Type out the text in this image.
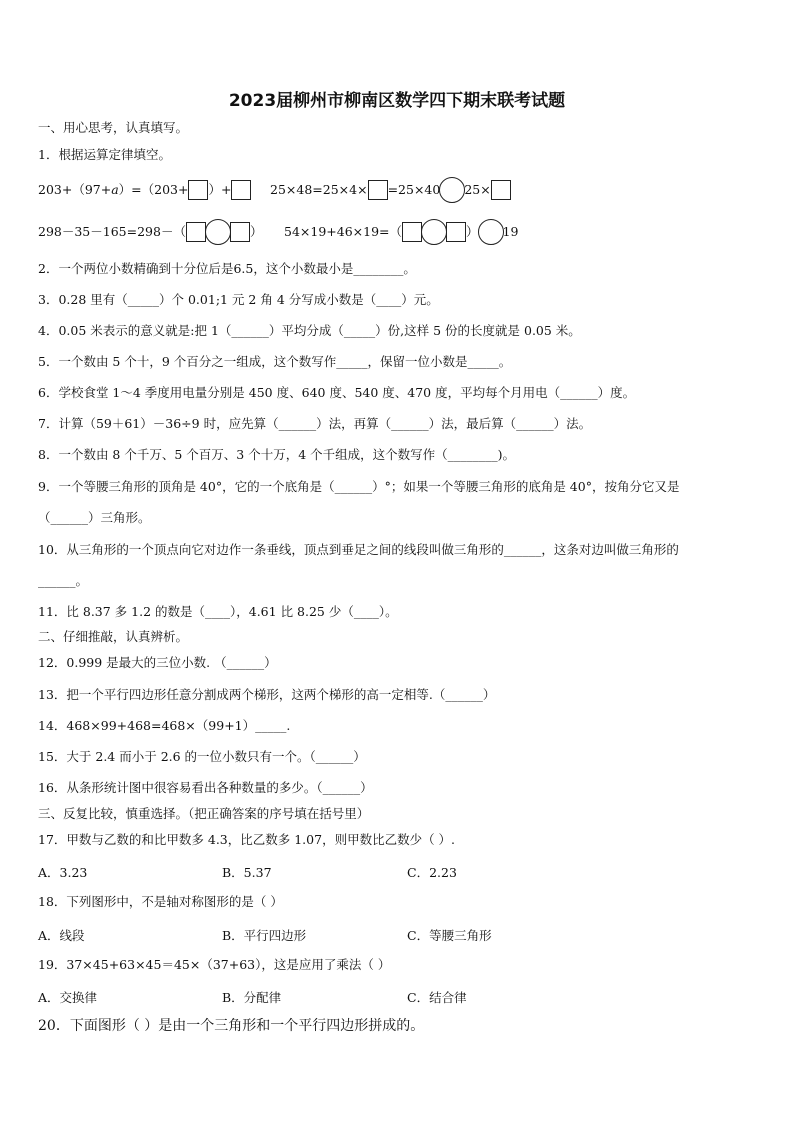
2023届柳州市柳南区数学四下期末联考试题
一、用心思考，认真填写。
1．根据运算定律填空。
203+（97+ a ）=（203+ ）+	25×48=25×4× =25×40 25×
298－35－165=298－（	） 54×19+46×19=（	） 19
2．一个两位小数精确到十分位后是6.5，这个小数最小是________。
3．0.28 里有（_____）个 0.01;1 元 2 角 4 分写成小数是（____）元。
4．0.05 米表示的意义就是:把 1（______）平均分成（_____）份,这样 5 份的长度就是 0.05 米。
5．一个数由 5 个十，9 个百分之一组成，这个数写作_____，保留一位小数是_____。
6．学校食堂 1～4 季度用电量分别是 450 度、640 度、540 度、470 度，平均每个月用电（______）度。
7．计算（59＋61）－36÷9 时，应先算（______）法，再算（______）法，最后算（______）法。
8．一个数由 8 个千万、5 个百万、3 个十万，4 个千组成，这个数写作（________)。
9．一个等腰三角形的顶角是 40°，它的一个底角是（______）°；如果一个等腰三角形的底角是 40°，按角分它又是
（______）三角形。
10．从三角形的一个顶点向它对边作一条垂线，顶点到垂足之间的线段叫做三角形的______，这条对边叫做三角形的
______。
11．比 8.37 多 1.2 的数是（____），4.61 比 8.25 少（____）。
二、仔细推敲，认真辨析。
12．0.999 是最大的三位小数. （______）
13．把一个平行四边形任意分割成两个梯形，这两个梯形的高一定相等.（______）
14．468×99+468=468×（99+1）_____.
15．大于 2.4 而小于 2.6 的一位小数只有一个。（______）
16．从条形统计图中很容易看出各种数量的多少。（______）
三、反复比较，慎重选择。（把正确答案的序号填在括号里）
17．甲数与乙数的和比甲数多 4.3，比乙数多 1.07，则甲数比乙数少（ ）.
A．3.23	B．5.37	C．2.23
18．下列图形中，不是轴对称图形的是（ ）
A．线段	B．平行四边形	C．等腰三角形
19．37×45+63×45＝45×（37+63），这是应用了乘法（ ）
A．交换律	B．分配律	C．结合律
20．下面图形（ ）是由一个三角形和一个平行四边形拼成的。
